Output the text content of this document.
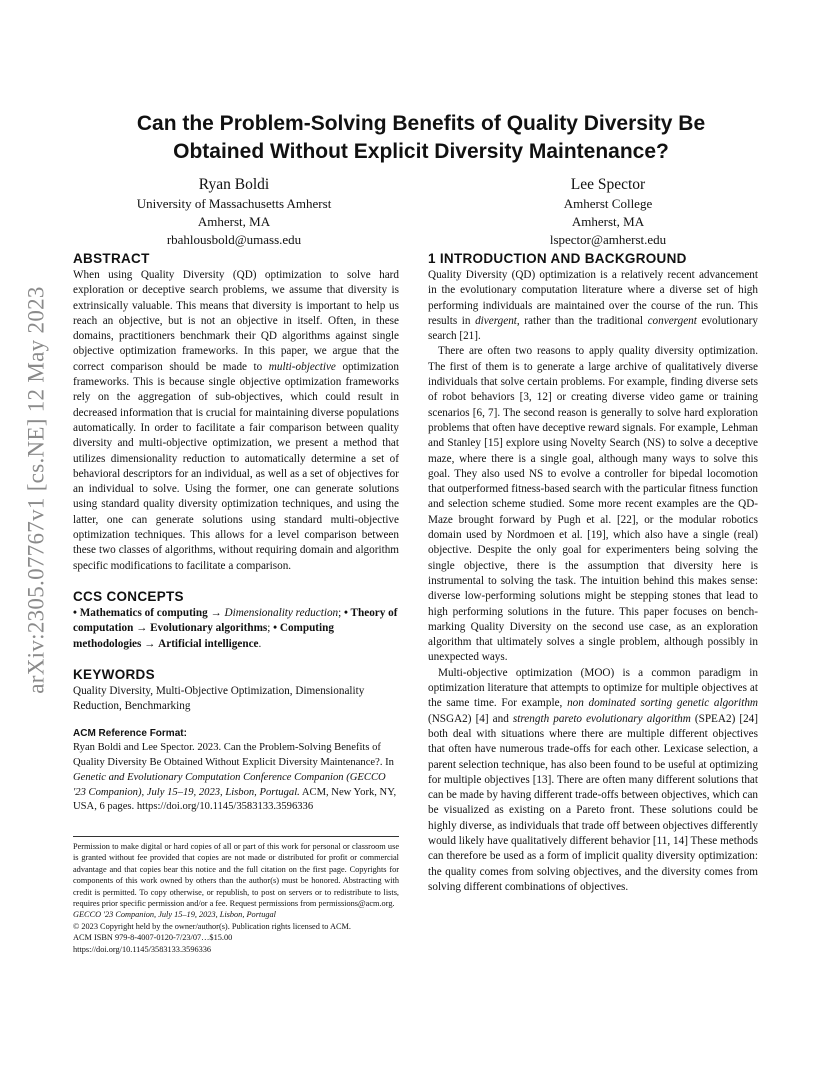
arXiv:2305.07767v1 [cs.NE] 12 May 2023
Can the Problem-Solving Benefits of Quality Diversity Be
Obtained Without Explicit Diversity Maintenance?
Ryan Boldi
University of Massachusetts Amherst
Amherst, MA
rbahlousbold@umass.edu
Lee Spector
Amherst College
Amherst, MA
lspector@amherst.edu
ABSTRACT

When using Quality Diversity (QD) optimization to solve hard exploration or deceptive search problems, we assume that diversity is extrinsically valuable. This means that diversity is important to help us reach an objective, but is not an objective in itself. Often, in these domains, practitioners benchmark their QD algorithms against single objective optimization frameworks. In this paper, we argue that the correct comparison should be made to multi-objective optimization frameworks. This is because single objective optimization frameworks rely on the aggregation of sub-objectives, which could result in decreased information that is crucial for maintaining diverse populations automatically. In order to facilitate a fair comparison between quality diversity and multi-objective optimization, we present a method that utilizes dimensionality reduction to automatically determine a set of behavioral descriptors for an individual, as well as a set of objectives for an individual to solve. Using the former, one can generate solutions using standard quality diversity optimization techniques, and using the latter, one can generate solutions using standard multi-objective optimization techniques. This allows for a level comparison between these two classes of algorithms, without requiring domain and algorithm specific modifications to facilitate a comparison.

CCS CONCEPTS

• Mathematics of computing → Dimensionality reduction; • Theory of computation → Evolutionary algorithms; • Computing methodologies → Artificial intelligence.

KEYWORDS

Quality Diversity, Multi-Objective Optimization, Dimensionality Reduction, Benchmarking

ACM Reference Format:

Ryan Boldi and Lee Spector. 2023. Can the Problem-Solving Benefits of Quality Diversity Be Obtained Without Explicit Diversity Maintenance?. In Genetic and Evolutionary Computation Conference Companion (GECCO '23 Companion), July 15–19, 2023, Lisbon, Portugal. ACM, New York, NY, USA, 6 pages. https://doi.org/10.1145/3583133.3596336

Permission to make digital or hard copies of all or part of this work for personal or classroom use is granted without fee provided that copies are not made or distributed for profit or commercial advantage and that copies bear this notice and the full citation on the first page. Copyrights for components of this work owned by others than the author(s) must be honored. Abstracting with credit is permitted. To copy otherwise, or republish, to post on servers or to redistribute to lists, requires prior specific permission and/or a fee. Request permissions from permissions@acm.org.
GECCO '23 Companion, July 15–19, 2023, Lisbon, Portugal
© 2023 Copyright held by the owner/author(s). Publication rights licensed to ACM.
ACM ISBN 979-8-4007-0120-7/23/07…$15.00
https://doi.org/10.1145/3583133.3596336
1 INTRODUCTION AND BACKGROUND

Quality Diversity (QD) optimization is a relatively recent advancement in the evolutionary computation literature where a diverse set of high performing individuals are maintained over the course of the run. This results in divergent, rather than the traditional convergent evolutionary search [21].

There are often two reasons to apply quality diversity optimization. The first of them is to generate a large archive of qualitatively diverse individuals that solve certain problems. For example, finding diverse sets of robot behaviors [3, 12] or creating diverse video game or training scenarios [6, 7]. The second reason is generally to solve hard exploration problems that often have deceptive reward signals. For example, Lehman and Stanley [15] explore using Novelty Search (NS) to solve a deceptive maze, where there is a single goal, although many ways to solve this goal. They also used NS to evolve a controller for bipedal locomotion that outperformed fitness-based search with the particular fitness function and selection scheme studied. Some more recent examples are the QD-Maze brought forward by Pugh et al. [22], or the modular robotics domain used by Nordmoen et al. [19], which also have a single (real) objective. Despite the only goal for experimenters being solving the single objective, there is the assumption that diversity here is instrumental to solving the task. The intuition behind this makes sense: diverse low-performing solutions might be stepping stones that lead to high performing solutions in the future. This paper focuses on bench-marking Quality Diversity on the second use case, as an exploration algorithm that ultimately solves a single problem, although possibly in unexpected ways.

Multi-objective optimization (MOO) is a common paradigm in optimization literature that attempts to optimize for multiple objectives at the same time. For example, non dominated sorting genetic algorithm (NSGA2) [4] and strength pareto evolutionary algorithm (SPEA2) [24] both deal with situations where there are multiple different objectives that often have numerous trade-offs for each other. Lexicase selection, a parent selection technique, has also been found to be useful at optimizing for multiple objectives [13]. There are often many different solutions that can be made by having different trade-offs between objectives, which can be visualized as existing on a Pareto front. These solutions could be highly diverse, as individuals that trade off between objectives differently would likely have qualitatively different behavior [11, 14] These methods can therefore be used as a form of implicit quality diversity optimization: the quality comes from solving objectives, and the diversity comes from solving different combinations of objectives.
